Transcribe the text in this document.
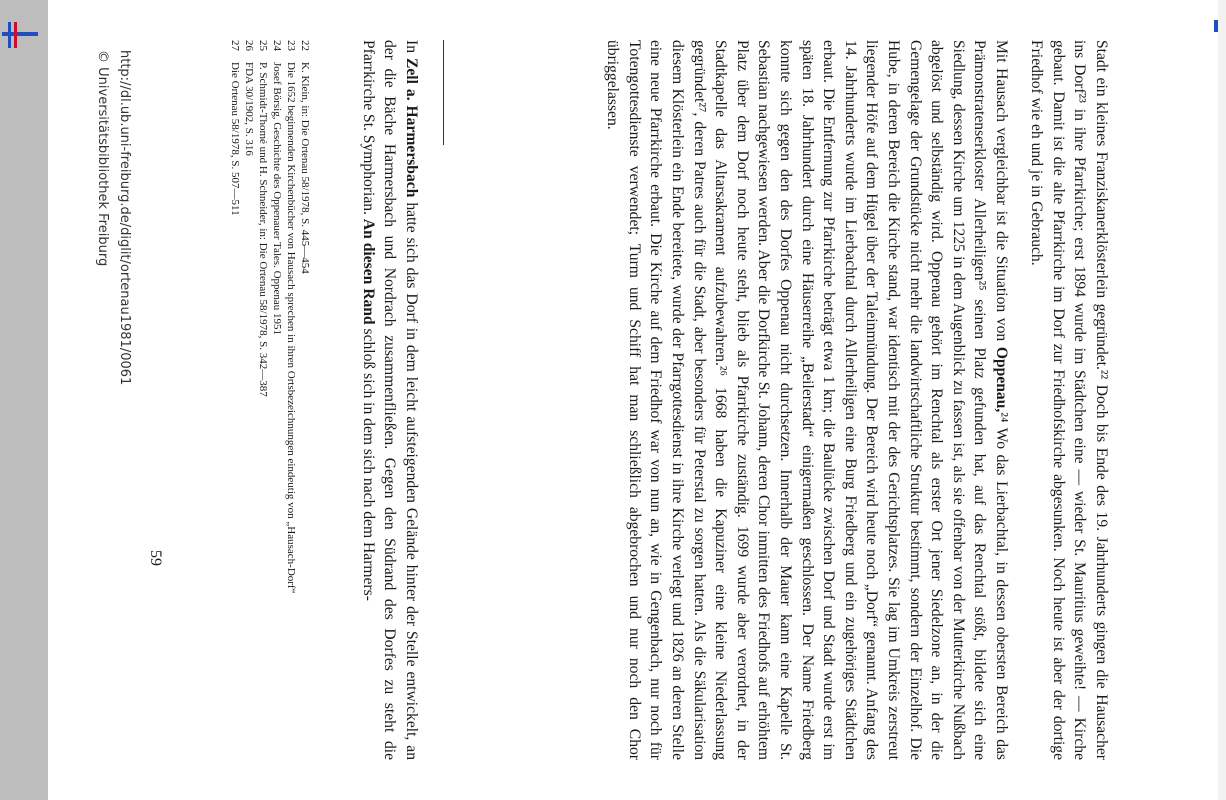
Stadt ein kleines Franziskanerklösterlein gegründet.²² Doch bis Ende des 19. Jahrhunderts gingen die Hausacher ins Dorf²³ in ihre Pfarrkirche; erst 1894 wurde im Städtchen eine — wieder St. Mauritius geweihte! — Kirche gebaut. Damit ist die alte Pfarrkirche im Dorf zur Friedhofskirche abgesunken. Noch heute ist aber der dortige Friedhof wie eh und je in Gebrauch.

Mit Hausach vergleichbar ist die Situation von Oppenau,²⁴ Wo das Lierbachtal, in dessen obersten Bereich das Prämonstratenserkloster Allerheiligen²⁵ seinen Platz gefunden hat, auf das Renchtal stößt, bildete sich eine Siedlung, dessen Kirche um 1225 in dem Augenblick zu fassen ist, als sie offenbar von der Mutterkirche Nußbach abgelöst und selbständig wird. Oppenau gehört im Renchtal als erster Ort jener Siedelzone an, in der die Gemengelage der Grundstücke nicht mehr die landwirtschaftliche Struktur bestimmt, sondern der Einzelhof. Die Hube, in deren Bereich die Kirche stand, war identisch mit der des Gerichtsplatzes. Sie lag im Umkreis zerstreut liegender Höfe auf dem Hügel über der Taleinmündung. Der Bereich wird heute noch „Dorf“ genannt. Anfang des 14. Jahrhunderts wurde im Lierbachtal durch Allerheiligen eine Burg Friedberg und ein zugehöriges Städtchen erbaut. Die Entfernung zur Pfarrkirche beträgt etwa 1 km; die Baulücke zwischen Dorf und Stadt wurde erst im späten 18. Jahrhundert durch eine Häuserreihe „Beilerstadt“ einigermaßen geschlossen. Der Name Friedberg konnte sich gegen den des Dorfes Oppenau nicht durchsetzen. Innerhalb der Mauer kann eine Kapelle St. Sebastian nachgewiesen werden. Aber die Dorfkirche St. Johann, deren Chor inmitten des Friedhofs auf erhöhtem Platz über dem Dorf noch heute steht, blieb als Pfarrkirche zuständig. 1699 wurde aber verordnet, in der Stadtkapelle das Altarsakrament aufzubewahren.²⁶ 1668 haben die Kapuziner eine kleine Niederlassung gegründet²⁷, deren Patres auch für die Stadt, aber besonders für Peterstal zu sorgen hatten. Als die Säkularisation diesem Klösterlein ein Ende bereitete, wurde der Pfarrgottesdienst in ihre Kirche verlegt und 1826 an deren Stelle eine neue Pfarrkirche erbaut. Die Kirche auf dem Friedhof war von nun an, wie in Gengenbach, nur noch für Totengottesdienste verwendet; Turm und Schiff hat man schließlich abgebrochen und nur noch den Chor übriggelassen.

In Zell a. Harmersbach hatte sich das Dorf in dem leicht aufsteigenden Gelände hinter der Stelle entwickelt, an der die Bäche Harmersbach und Nordrach zusammenfließen. Gegen den Südrand des Dorfes zu steht die Pfarrkirche St. Symphorian. An diesen Rand schloß sich in dem sich nach dem Harmers-

22
K. Klein, in: Die Ortenau 58/1978, S. 445—454

23
Die 1652 beginnenden Kirchenbücher von Hausach sprechen in ihren Ortsbezeichnungen eindeutig von „Hausach-Dorf“

24
Josef Börsig, Geschichte des Oppenauer Tales. Oppenau 1951

25
P. Schmidt-Thomé und H. Schneider, in: Die Ortenau 58/1978, S. 342—387

26
FDA 30/1902, S. 316

27
Die Ortenau 58/1978, S. 507—511

59
http://dl.ub.uni-freiburg.de/diglit/ortenau1981/0061
© Universitätsbibliothek Freiburg
